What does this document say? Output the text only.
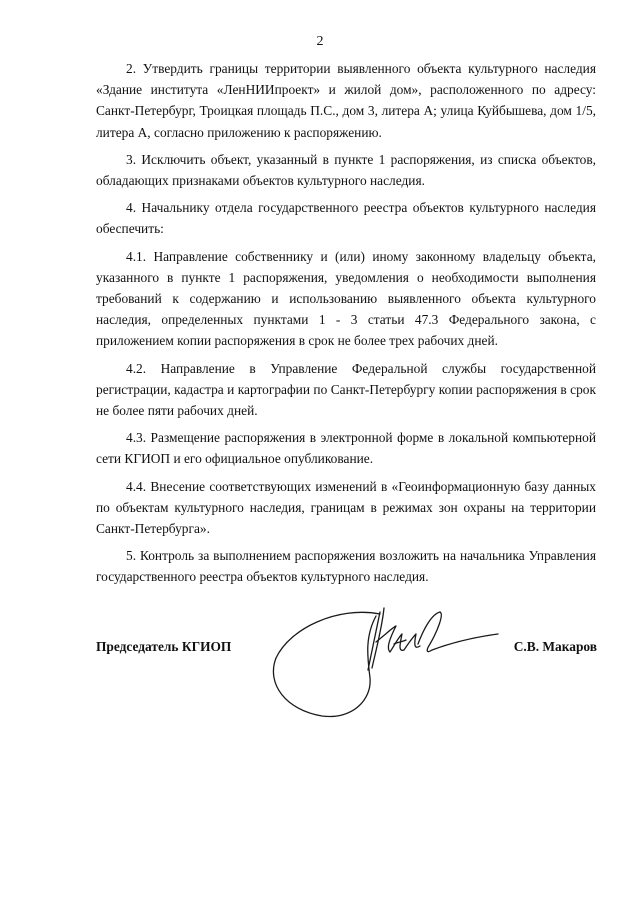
2

2. Утвердить границы территории выявленного объекта культурного наследия «Здание института «ЛенНИИпроект» и жилой дом», расположенного по адресу: Санкт-Петербург, Троицкая площадь П.С., дом 3, литера А; улица Куйбышева, дом 1/5, литера А, согласно приложению к распоряжению.

3. Исключить объект, указанный в пункте 1 распоряжения, из списка объектов, обладающих признаками объектов культурного наследия.

4. Начальнику отдела государственного реестра объектов культурного наследия обеспечить:

4.1. Направление собственнику и (или) иному законному владельцу объекта, указанного в пункте 1 распоряжения, уведомления о необходимости выполнения требований к содержанию и использованию выявленного объекта культурного наследия, определенных пунктами 1 - 3 статьи 47.3 Федерального закона, с приложением копии распоряжения в срок не более трех рабочих дней.

4.2. Направление в Управление Федеральной службы государственной регистрации, кадастра и картографии по Санкт-Петербургу копии распоряжения в срок не более пяти рабочих дней.

4.3. Размещение распоряжения в электронной форме в локальной компьютерной сети КГИОП и его официальное опубликование.

4.4. Внесение соответствующих изменений в «Геоинформационную базу данных по объектам культурного наследия, границам в режимах зон охраны на территории Санкт-Петербурга».

5. Контроль за выполнением распоряжения возложить на начальника Управления государственного реестра объектов культурного наследия.

Председатель КГИОП	С.В. Макаров
